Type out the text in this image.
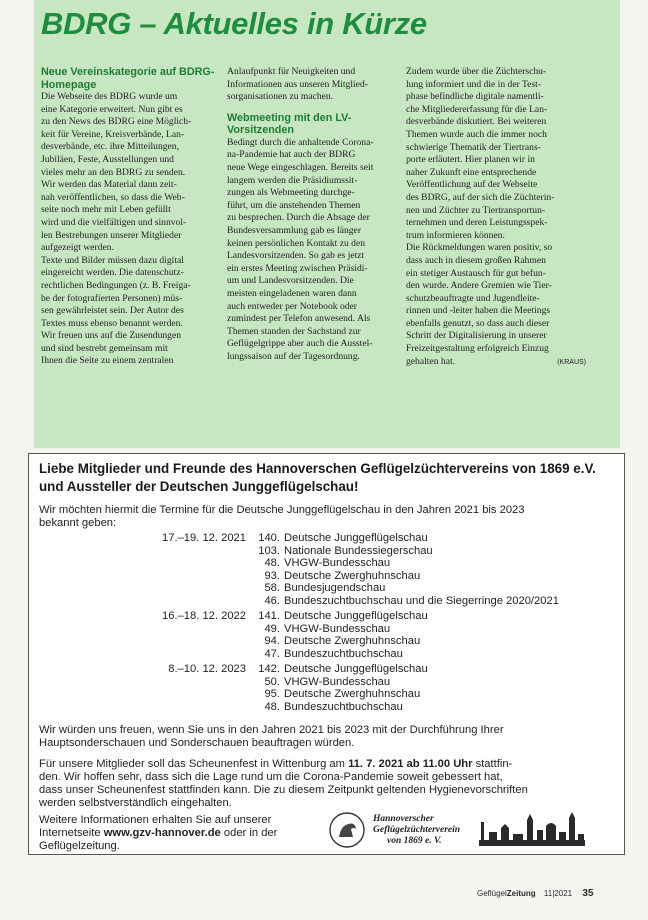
BDRG – Aktuelles in Kürze

Neue Vereinskategorie auf BDRG-Homepage

Die Webseite des BDRG wurde um

eine Kategorie erweitert. Nun gibt es

zu den News des BDRG eine Möglich-

keit für Vereine, Kreisverbände, Lan-

desverbände, etc. ihre Mitteilungen,

Jubiläen, Feste, Ausstellungen und

vieles mehr an den BDRG zu senden.

Wir werden das Material dann zeit-

nah veröffentlichen, so dass die Web-

seite noch mehr mit Leben gefüllt

wird und die vielfältigen und sinnvol-

len Bestrebungen unserer Mitglieder

aufgezeigt werden.

Texte und Bilder müssen dazu digital

eingereicht werden. Die datenschutz-

rechtlichen Bedingungen (z. B. Freiga-

be der fotografierten Personen) müs-

sen gewährleistet sein. Der Autor des

Textes muss ebenso benannt werden.

Wir freuen uns auf die Zusendungen

und sind bestrebt gemeinsam mit

Ihnen die Seite zu einem zentralen

Anlaufpunkt für Neuigkeiten und

Informationen aus unseren Mitglied-

sorganisationen zu machen.

Webmeeting mit den LV-Vorsitzenden

Bedingt durch die anhaltende Corona-

na-Pandemie hat auch der BDRG

neue Wege eingeschlagen. Bereits seit

langem werden die Präsidiumssit-

zungen als Webmeeting durchge-

führt, um die anstehenden Themen

zu besprechen. Durch die Absage der

Bundesversammlung gab es länger

keinen persönlichen Kontakt zu den

Landesvorsitzenden. So gab es jetzt

ein erstes Meeting zwischen Präsidi-

um und Landesvorsitzenden. Die

meisten eingeladenen waren dann

auch entweder per Notebook oder

zumindest per Telefon anwesend. Als

Themen standen der Sachstand zur

Geflügelgrippe aber auch die Ausstel-

lungssaison auf der Tagesordnung.

Zudem wurde über die Züchterschu-

lung informiert und die in der Test-

phase befindliche digitale namentli-

che Mitgliedererfassung für die Lan-

desverbände diskutiert. Bei weiteren

Themen wurde auch die immer noch

schwierige Thematik der Tiertrans-

porte erläutert. Hier planen wir in

naher Zukunft eine entsprechende

Veröffentlichung auf der Webseite

des BDRG, auf der sich die Züchterin-

nen und Züchter zu Tiertransportun-

ternehmen und deren Leistungsspek-

trum informieren können.

Die Rückmeldungen waren positiv, so

dass auch in diesem großen Rahmen

ein stetiger Austausch für gut befun-

den wurde. Andere Gremien wie Tier-

schutzbeauftragte und Jugendleite-

rinnen und -leiter haben die Meetings

ebenfalls genutzt, so dass auch dieser

Schritt der Digitalisierung in unserer

Freizeitgestaltung erfolgreich Einzug

gehalten hat.	(KRAUS)
Liebe Mitglieder und Freunde des Hannoverschen Geflügelzüchtervereins von 1869 e.V.
und Aussteller der Deutschen Junggeflügelschau!
Wir möchten hiermit die Termine für die Deutsche Junggeflügelschau in den Jahren 2021 bis 2023
bekannt geben:
17.–19. 12. 2021	140. Deutsche Junggeflügelschau
103. Nationale Bundessiegerschau
48. VHGW-Bundesschau
93. Deutsche Zwerghuhnschau
58. Bundesjugendschau
46. Bundeszuchtbuchschau und die Siegerringe 2020/2021
16.–18. 12. 2022	141. Deutsche Junggeflügelschau
49. VHGW-Bundesschau
94. Deutsche Zwerghuhnschau
47. Bundeszuchtbuchschau
8.–10. 12. 2023	142. Deutsche Junggeflügelschau
50. VHGW-Bundesschau
95. Deutsche Zwerghuhnschau
48. Bundeszuchtbuchschau
Wir würden uns freuen, wenn Sie uns in den Jahren 2021 bis 2023 mit der Durchführung Ihrer
Hauptsonderschauen und Sonderschauen beauftragen würden.
Für unsere Mitglieder soll das Scheunenfest in Wittenburg am 11. 7. 2021 ab 11.00 Uhr stattfin-
den. Wir hoffen sehr, dass sich die Lage rund um die Corona-Pandemie soweit gebessert hat,
dass unser Scheunenfest stattfinden kann. Die zu diesem Zeitpunkt geltenden Hygienevorschriften
werden selbstverständlich eingehalten.
Weitere Informationen erhalten Sie auf unserer
Internetseite www.gzv-hannover.de oder in der
Geflügelzeitung.
Hannoverscher
Geflügelzüchterverein
von 1869 e. V.
GeflügelZeitung 11|2021 35
